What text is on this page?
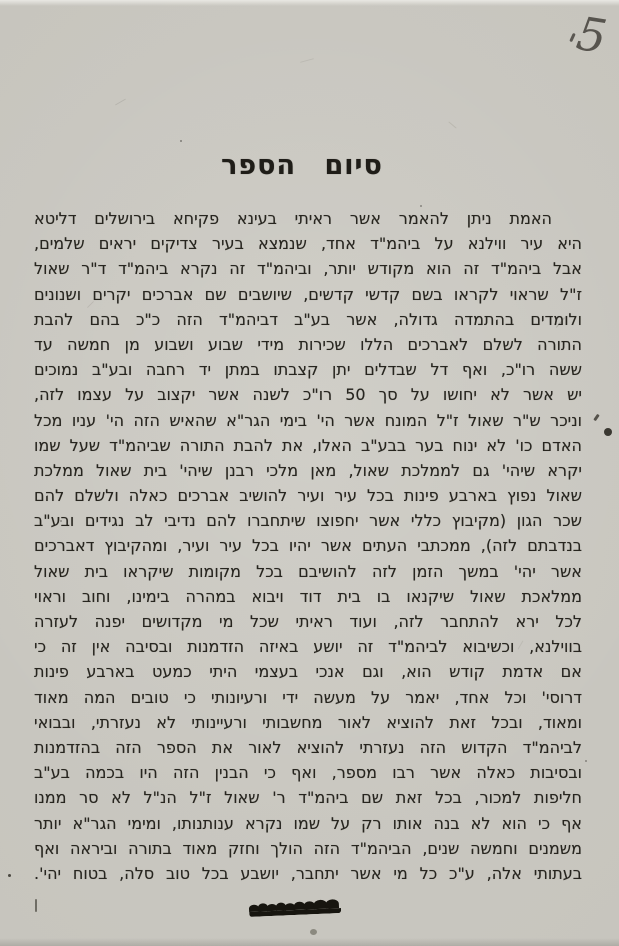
5
סיום הספר
האמת ניתן להאמר אשר ראיתי בעינא פקיחא בירושלים דליטא
היא עיר ווילנא על ביהמ"ד אחד, שנמצא בעיר צדיקים יראים שלמים,
אבל ביהמ"ד זה הוא מקודש יותר, וביהמ"ד זה נקרא ביהמ"ד ד"ר שאול
ז"ל שראוי לקראו בשם קדשי קדשים, שיושבים שם אברכים יקרים ושנונים
ולומדים בהתמדה גדולה, אשר בע"ב דביהמ"ד הזה כ"כ בהם להבת
התורה לשלם לאברכים הללו שכירות מידי שבוע ושבוע מן חמשה עד
ששה רו"כ, ואף דל שבדלים יתן קצבתו במתן יד רחבה ובע"ב נמוכים
יש אשר לא יחושו על סך 50 רו"כ לשנה אשר יקצוב על עצמו לזה,
וניכר ש"ר שאול ז"ל המונח אשר הי' בימי הגר"א שהאיש הזה הי' עניו מכל
האדם כו' לא ינוח בער בבע"ב האלו, את להבת התורה שביהמ"ד שעל שמו
יקרא שיהי' גם לממלכת שאול, מאן מלכי רבנן שיהי' בית שאול ממלכת
שאול נפוץ בארבע פינות בכל עיר ועיר להושיב אברכים כאלה ולשלם להם
שכר הגון (מקיבוץ כללי אשר יחפוצו שיתחברו להם נדיבי לב נגידים ובע"ב
בנדבתם לזה), ממכתבי העתים אשר יהיו בכל עיר ועיר, ומהקיבוץ דאברכים
אשר יהי' במשך הזמן לזה להושיבם בכל מקומות שיקראו בית שאול
ממלאכת שאול שיקנאו בו בית דוד ויבוא במהרה בימינו, וחוב וראוי
לכל ירא להתחבר לזה, ועוד ראיתי שכל מי מקדושים יפנה לעזרה
בווילנא, וכשיבוא לביהמ"ד זה יושע באיזה הזדמנות ובסיבה אין זה כי
אם אדמת קודש הוא, וגם אנכי בעצמי היתי כמעט בארבע פינות
דרוסי' וכל אחד, יאמר על מעשה ידי ורעיונותי כי טובים המה מאוד
ומאוד, ובכל זאת להוציא לאור מחשבותי ורעיינותי לא נעזרתי, ובבואי
לביהמ"ד הקדוש הזה נעזרתי להוציא לאור את הספר הזה בהזדמנות
ובסיבות כאלה אשר רבו מספר, ואף כי הבנין הזה היו בכמה בע"ב
חליפות למכור, בכל זאת שם ביהמ"ד ר' שאול ז"ל הנ"ל לא סר ממנו
אף כי הוא לא בנה אותו רק על שמו נקרא ענותנותו, ומימי הגר"א יותר
משמנים וחמשה שנים, הביהמ"ד הזה הולך וחזק מאוד בתורה וביראה ואף
בעתותי אלה, ע"כ כל מי אשר יתחבר, יושבע בכל טוב סלה, בטוח יהי'.
